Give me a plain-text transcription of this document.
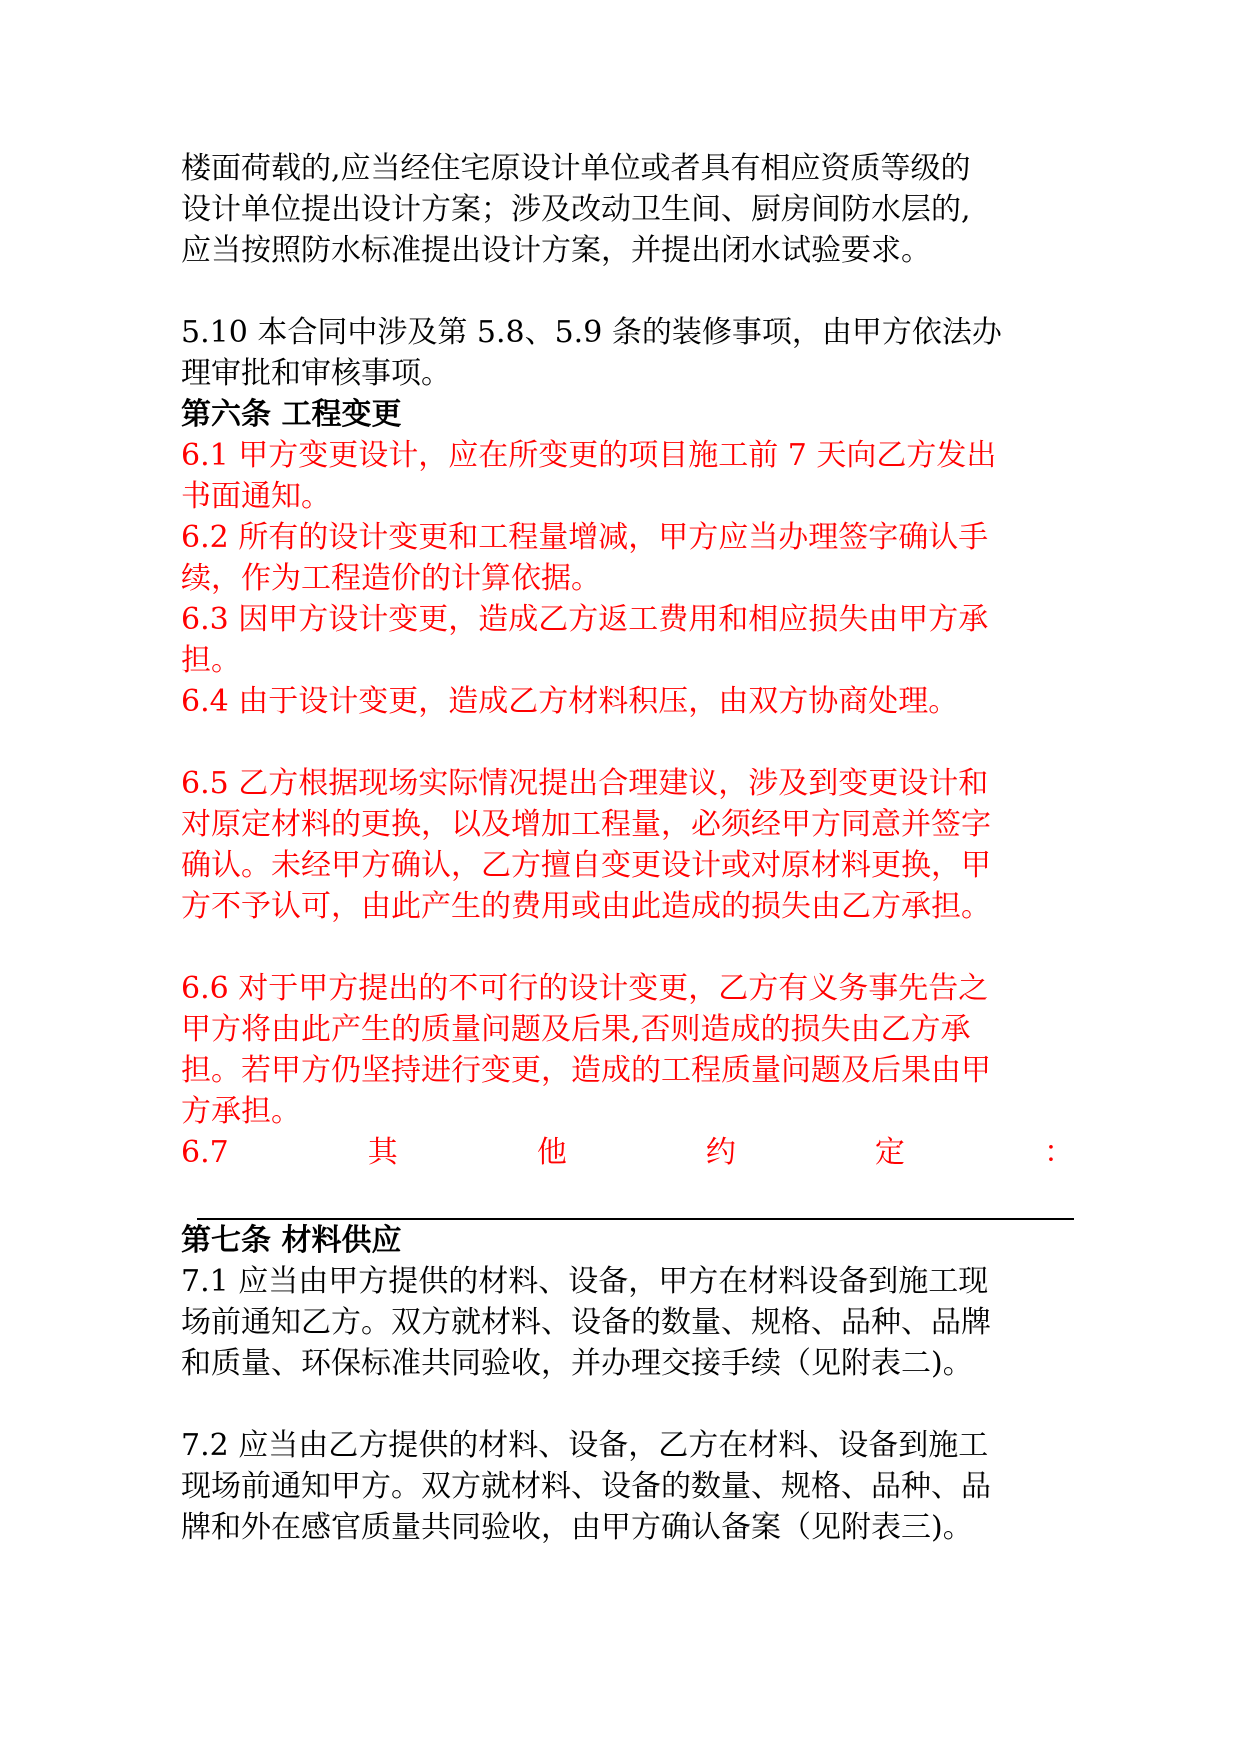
楼面荷载的,应当经住宅原设计单位或者具有相应资质等级的
设计单位提出设计方案；涉及改动卫生间、厨房间防水层的,
应当按照防水标准提出设计方案，并提出闭水试验要求。
5.10 本合同中涉及第 5.8、5.9 条的装修事项，由甲方依法办
理审批和审核事项。
第六条 工程变更
6.1 甲方变更设计，应在所变更的项目施工前 7 天向乙方发出
书面通知。
6.2 所有的设计变更和工程量增减，甲方应当办理签字确认手
续，作为工程造价的计算依据。
6.3 因甲方设计变更，造成乙方返工费用和相应损失由甲方承
担。
6.4 由于设计变更，造成乙方材料积压，由双方协商处理。
6.5 乙方根据现场实际情况提出合理建议，涉及到变更设计和
对原定材料的更换，以及增加工程量，必须经甲方同意并签字
确认。未经甲方确认，乙方擅自变更设计或对原材料更换，甲
方不予认可，由此产生的费用或由此造成的损失由乙方承担。
6.6 对于甲方提出的不可行的设计变更，乙方有义务事先告之
甲方将由此产生的质量问题及后果,否则造成的损失由乙方承
担。若甲方仍坚持进行变更，造成的工程质量问题及后果由甲
方承担。
6.7	其	他	约	定	：
第七条 材料供应
7.1 应当由甲方提供的材料、设备，甲方在材料设备到施工现
场前通知乙方。双方就材料、设备的数量、规格、品种、品牌
和质量、环保标准共同验收，并办理交接手续（见附表二)。
7.2 应当由乙方提供的材料、设备，乙方在材料、设备到施工
现场前通知甲方。双方就材料、设备的数量、规格、品种、品
牌和外在感官质量共同验收，由甲方确认备案（见附表三)。
